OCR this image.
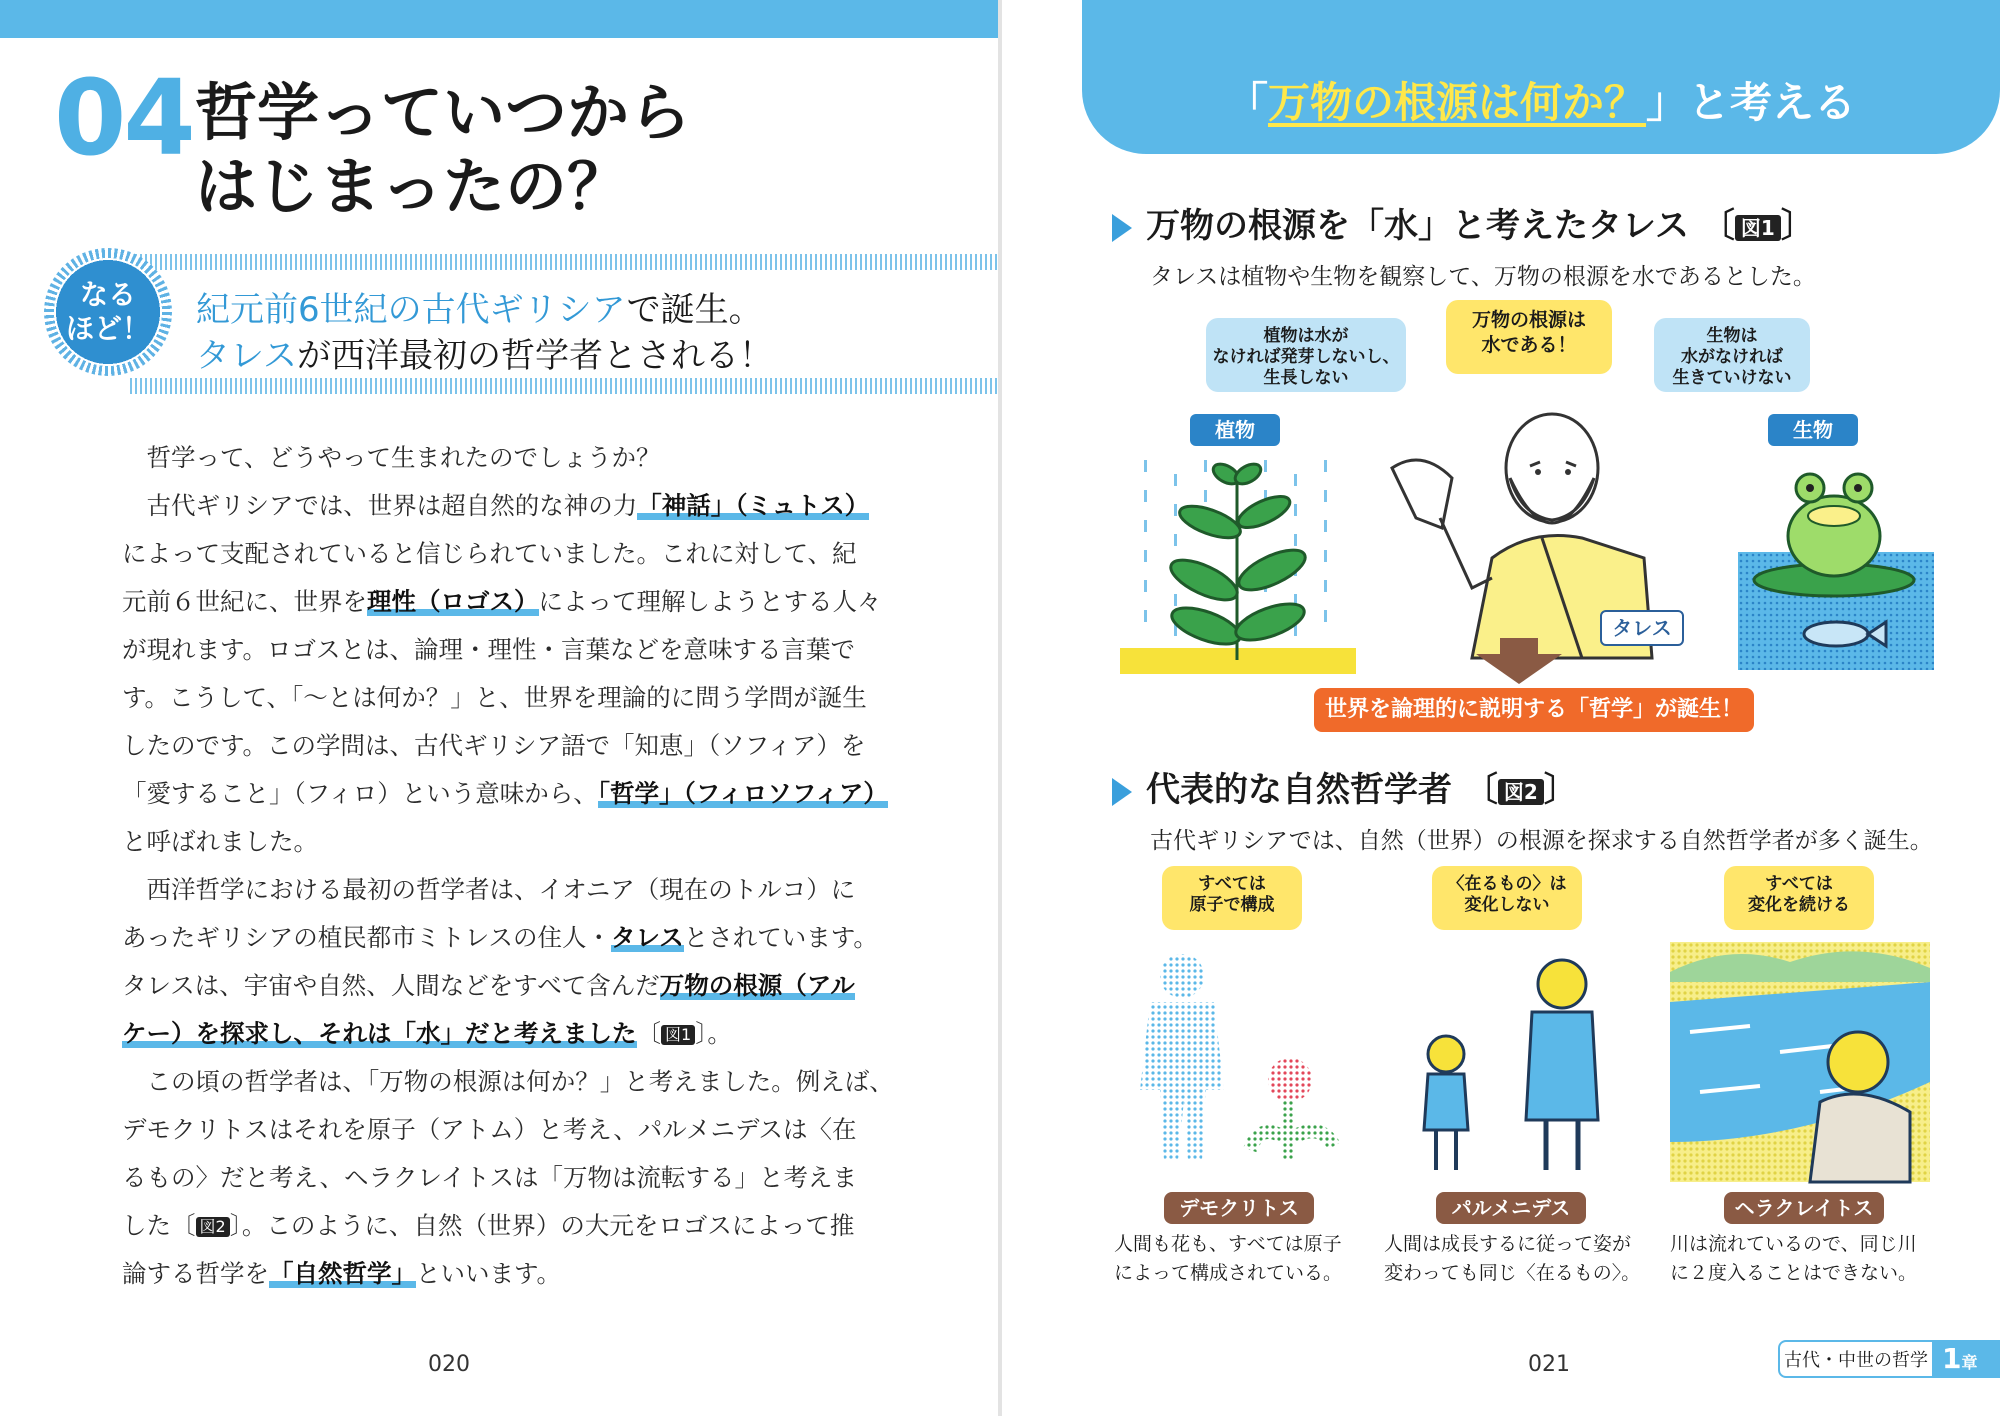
04 哲学っていつから
はじまったの？
なる
ほど！	紀元前6世紀の古代ギリシアで誕生。
タレスが西洋最初の哲学者とされる！

　哲学って、どうやって生まれたのでしょうか？

　古代ギリシアでは、世界は超自然的な神の力「神話」（ミュトス）

によって支配されていると信じられていました。これに対して、紀

元前６世紀に、世界を理性（ロゴス）によって理解しようとする人々

が現れます。ロゴスとは、論理・理性・言葉などを意味する言葉で

す。こうして、「～とは何か？」と、世界を理論的に問う学問が誕生

したのです。この学問は、古代ギリシア語で「知恵」（ソフィア）を

「愛すること」（フィロ）という意味から、「哲学」（フィロソフィア）

と呼ばれました。

　西洋哲学における最初の哲学者は、イオニア（現在のトルコ）に

あったギリシアの植民都市ミトレスの住人・タレスとされています。

タレスは、宇宙や自然、人間などをすべて含んだ万物の根源（アル

ケー）を探求し、それは「水」だと考えました〔 図1 〕。

　この頃の哲学者は、「万物の根源は何か？」と考えました。例えば、

デモクリトスはそれを原子（アトム）と考え、パルメニデスは〈在

るもの〉だと考え、ヘラクレイトスは「万物は流転する」と考えま

した〔 図2 〕。このように、自然（世界）の大元をロゴスによって推

論する哲学を「自然哲学」といいます。

020
「万物の根源は何か？」と考える
万物の根源を「水」と考えたタレス 〔 図1 〕
タレスは植物や生物を観察して、万物の根源を水であるとした。
植物は水が
なければ発芽しないし、
生長しない
万物の根源は
水である！	生物は
水がなければ
生きていけない
植物	生物
タレス
世界を論理的に説明する「哲学」が誕生！
代表的な自然哲学者 〔 図2 〕
古代ギリシアでは、自然（世界）の根源を探求する自然哲学者が多く誕生。
すべては
原子で構成
〈在るもの〉は
変化しない
すべては
変化を続ける
デモクリトス	パルメニデス	ヘラクレイトス
人間も花も、すべては原子
によって構成されている。
人間は成長するに従って姿が
変わっても同じ〈在るもの〉。
川は流れているので、同じ川
に２度入ることはできない。
021	古代・中世の哲学 1章
